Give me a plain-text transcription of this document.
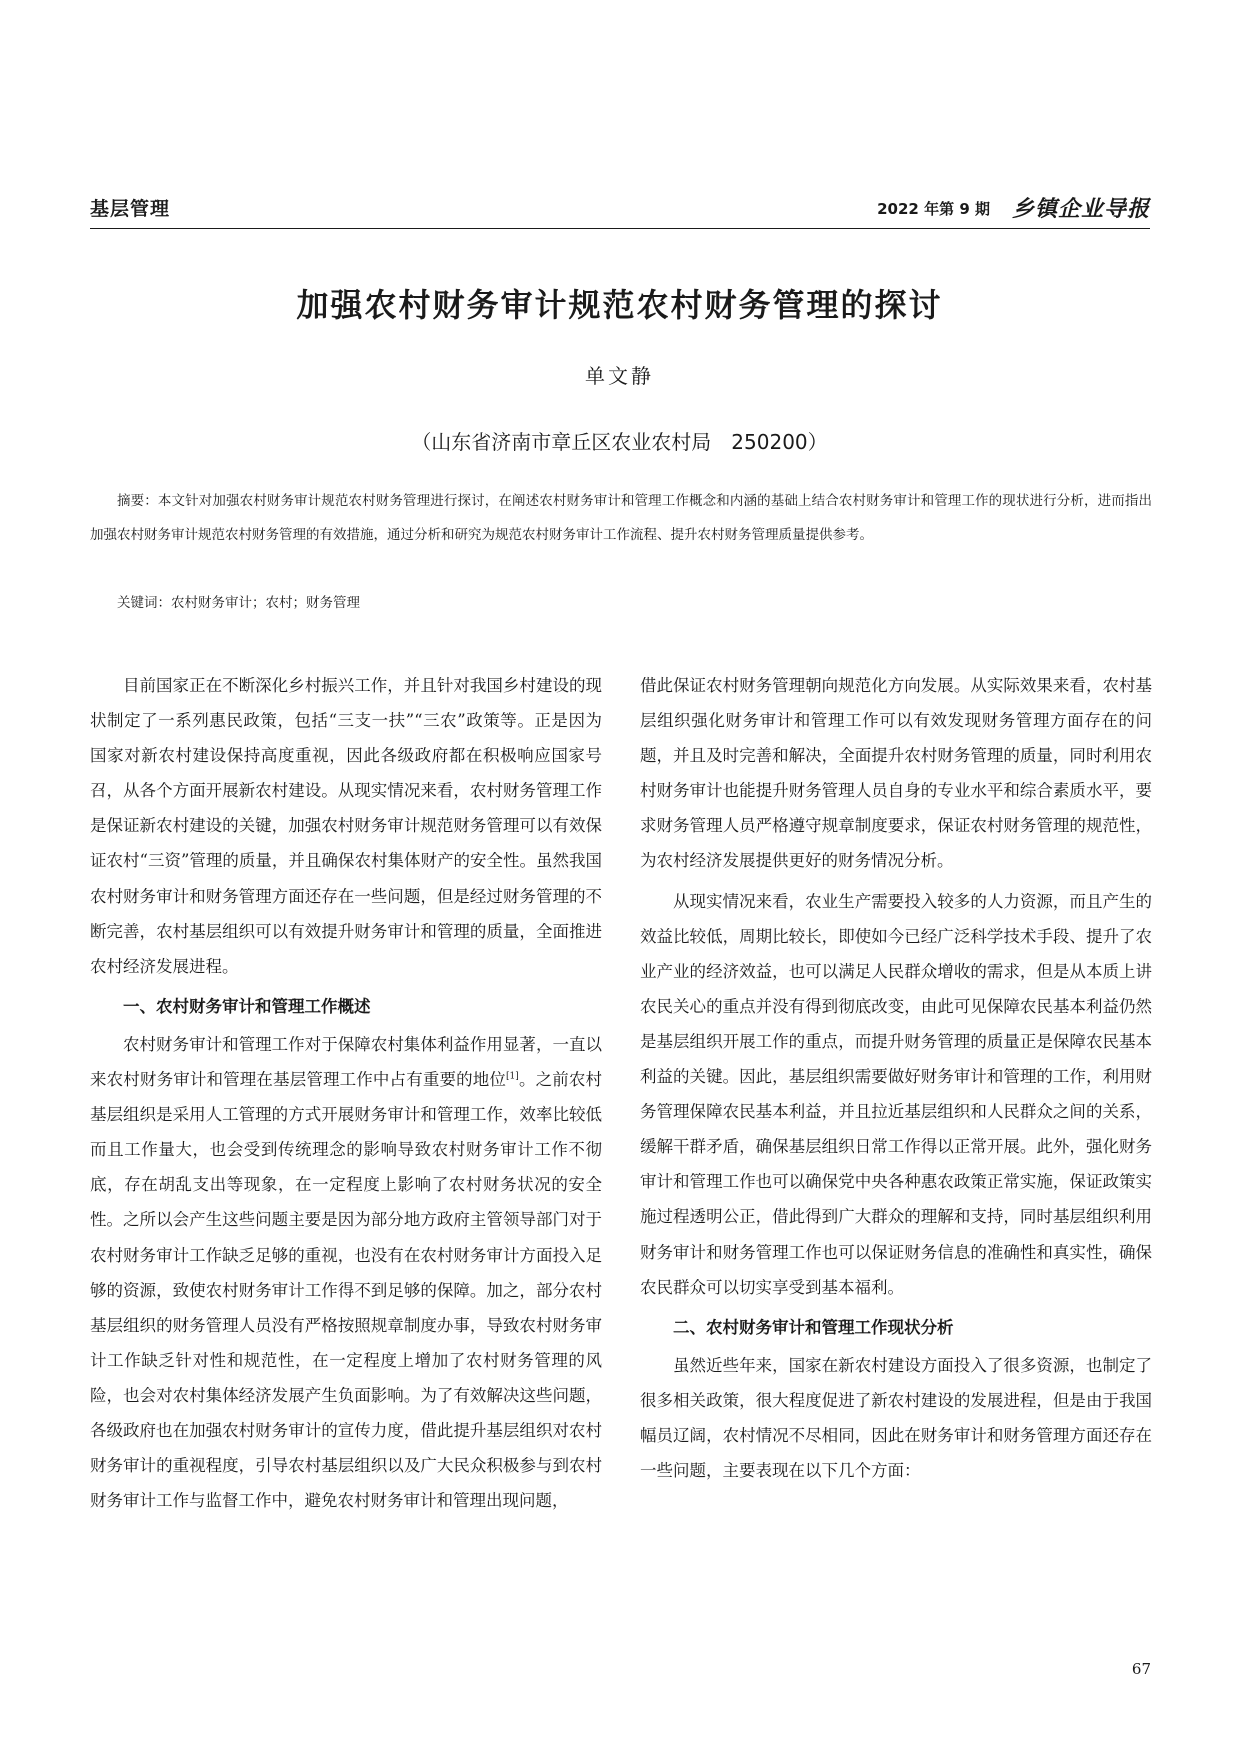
基层管理	2022 年第 9 期 乡镇企业导报
加强农村财务审计规范农村财务管理的探讨
单文静
（山东省济南市章丘区农业农村局　250200）
摘要：本文针对加强农村财务审计规范农村财务管理进行探讨，在阐述农村财务审计和管理工作概念和内涵的基础上结合农村财务审计和管理工作的现状进行分析，进而指出加强农村财务审计规范农村财务管理的有效措施，通过分析和研究为规范农村财务审计工作流程、提升农村财务管理质量提供参考。
关键词：农村财务审计；农村；财务管理

目前国家正在不断深化乡村振兴工作，并且针对我国乡村建设的现状制定了一系列惠民政策，包括“三支一扶”“三农”政策等。正是因为国家对新农村建设保持高度重视，因此各级政府都在积极响应国家号召，从各个方面开展新农村建设。从现实情况来看，农村财务管理工作是保证新农村建设的关键，加强农村财务审计规范财务管理可以有效保证农村“三资”管理的质量，并且确保农村集体财产的安全性。虽然我国农村财务审计和财务管理方面还存在一些问题，但是经过财务管理的不断完善，农村基层组织可以有效提升财务审计和管理的质量，全面推进农村经济发展进程。

一、农村财务审计和管理工作概述

农村财务审计和管理工作对于保障农村集体利益作用显著，一直以来农村财务审计和管理在基层管理工作中占有重要的地位[1]。之前农村基层组织是采用人工管理的方式开展财务审计和管理工作，效率比较低而且工作量大，也会受到传统理念的影响导致农村财务审计工作不彻底，存在胡乱支出等现象，在一定程度上影响了农村财务状况的安全性。之所以会产生这些问题主要是因为部分地方政府主管领导部门对于农村财务审计工作缺乏足够的重视，也没有在农村财务审计方面投入足够的资源，致使农村财务审计工作得不到足够的保障。加之，部分农村基层组织的财务管理人员没有严格按照规章制度办事，导致农村财务审计工作缺乏针对性和规范性，在一定程度上增加了农村财务管理的风险，也会对农村集体经济发展产生负面影响。为了有效解决这些问题，各级政府也在加强农村财务审计的宣传力度，借此提升基层组织对农村财务审计的重视程度，引导农村基层组织以及广大民众积极参与到农村财务审计工作与监督工作中，避免农村财务审计和管理出现问题，

借此保证农村财务管理朝向规范化方向发展。从实际效果来看，农村基层组织强化财务审计和管理工作可以有效发现财务管理方面存在的问题，并且及时完善和解决，全面提升农村财务管理的质量，同时利用农村财务审计也能提升财务管理人员自身的专业水平和综合素质水平，要求财务管理人员严格遵守规章制度要求，保证农村财务管理的规范性，为农村经济发展提供更好的财务情况分析。

从现实情况来看，农业生产需要投入较多的人力资源，而且产生的效益比较低，周期比较长，即使如今已经广泛科学技术手段、提升了农业产业的经济效益，也可以满足人民群众增收的需求，但是从本质上讲农民关心的重点并没有得到彻底改变，由此可见保障农民基本利益仍然是基层组织开展工作的重点，而提升财务管理的质量正是保障农民基本利益的关键。因此，基层组织需要做好财务审计和管理的工作，利用财务管理保障农民基本利益，并且拉近基层组织和人民群众之间的关系，缓解干群矛盾，确保基层组织日常工作得以正常开展。此外，强化财务审计和管理工作也可以确保党中央各种惠农政策正常实施，保证政策实施过程透明公正，借此得到广大群众的理解和支持，同时基层组织利用财务审计和财务管理工作也可以保证财务信息的准确性和真实性，确保农民群众可以切实享受到基本福利。

二、农村财务审计和管理工作现状分析

虽然近些年来，国家在新农村建设方面投入了很多资源，也制定了很多相关政策，很大程度促进了新农村建设的发展进程，但是由于我国幅员辽阔，农村情况不尽相同，因此在财务审计和财务管理方面还存在一些问题，主要表现在以下几个方面：

67
